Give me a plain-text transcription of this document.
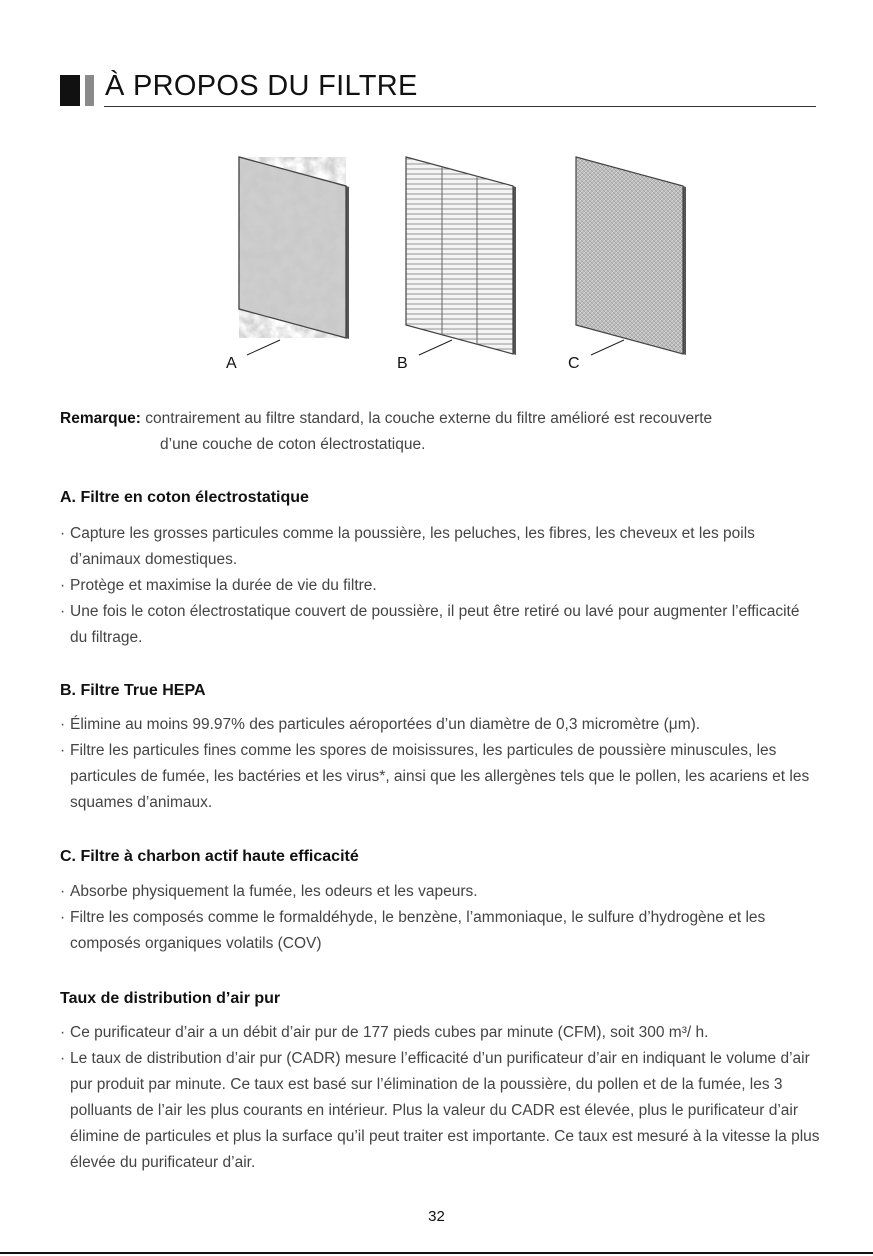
À PROPOS DU FILTRE
A	B	C
Remarque: contrairement au filtre standard, la couche externe du filtre amélioré est recouverte
d’une couche de coton électrostatique.
A. Filtre en coton électrostatique
· Capture les grosses particules comme la poussière, les peluches, les fibres, les cheveux et les poils d’animaux domestiques.
· Protège et maximise la durée de vie du filtre.
· Une fois le coton électrostatique couvert de poussière, il peut être retiré ou lavé pour augmenter l’efficacité du filtrage.
B. Filtre True HEPA
· Élimine au moins 99.97% des particules aéroportées d’un diamètre de 0,3 micromètre (μm).
· Filtre les particules fines comme les spores de moisissures, les particules de poussière minuscules, les particules de fumée, les bactéries et les virus*, ainsi que les allergènes tels que le pollen, les acariens et les squames d’animaux.
C. Filtre à charbon actif haute efficacité
· Absorbe physiquement la fumée, les odeurs et les vapeurs.
· Filtre les composés comme le formaldéhyde, le benzène, l’ammoniaque, le sulfure d’hydrogène et les composés organiques volatils (COV)
Taux de distribution d’air pur
· Ce purificateur d’air a un débit d’air pur de 177 pieds cubes par minute (CFM), soit 300 m³/ h.
· Le taux de distribution d’air pur (CADR) mesure l’efficacité d’un purificateur d’air en indiquant le volume d’air pur produit par minute. Ce taux est basé sur l’élimination de la poussière, du pollen et de la fumée, les 3 polluants de l’air les plus courants en intérieur. Plus la valeur du CADR est élevée, plus le purificateur d’air élimine de particules et plus la surface qu’il peut traiter est importante. Ce taux est mesuré à la vitesse la plus élevée du purificateur d’air.
32
